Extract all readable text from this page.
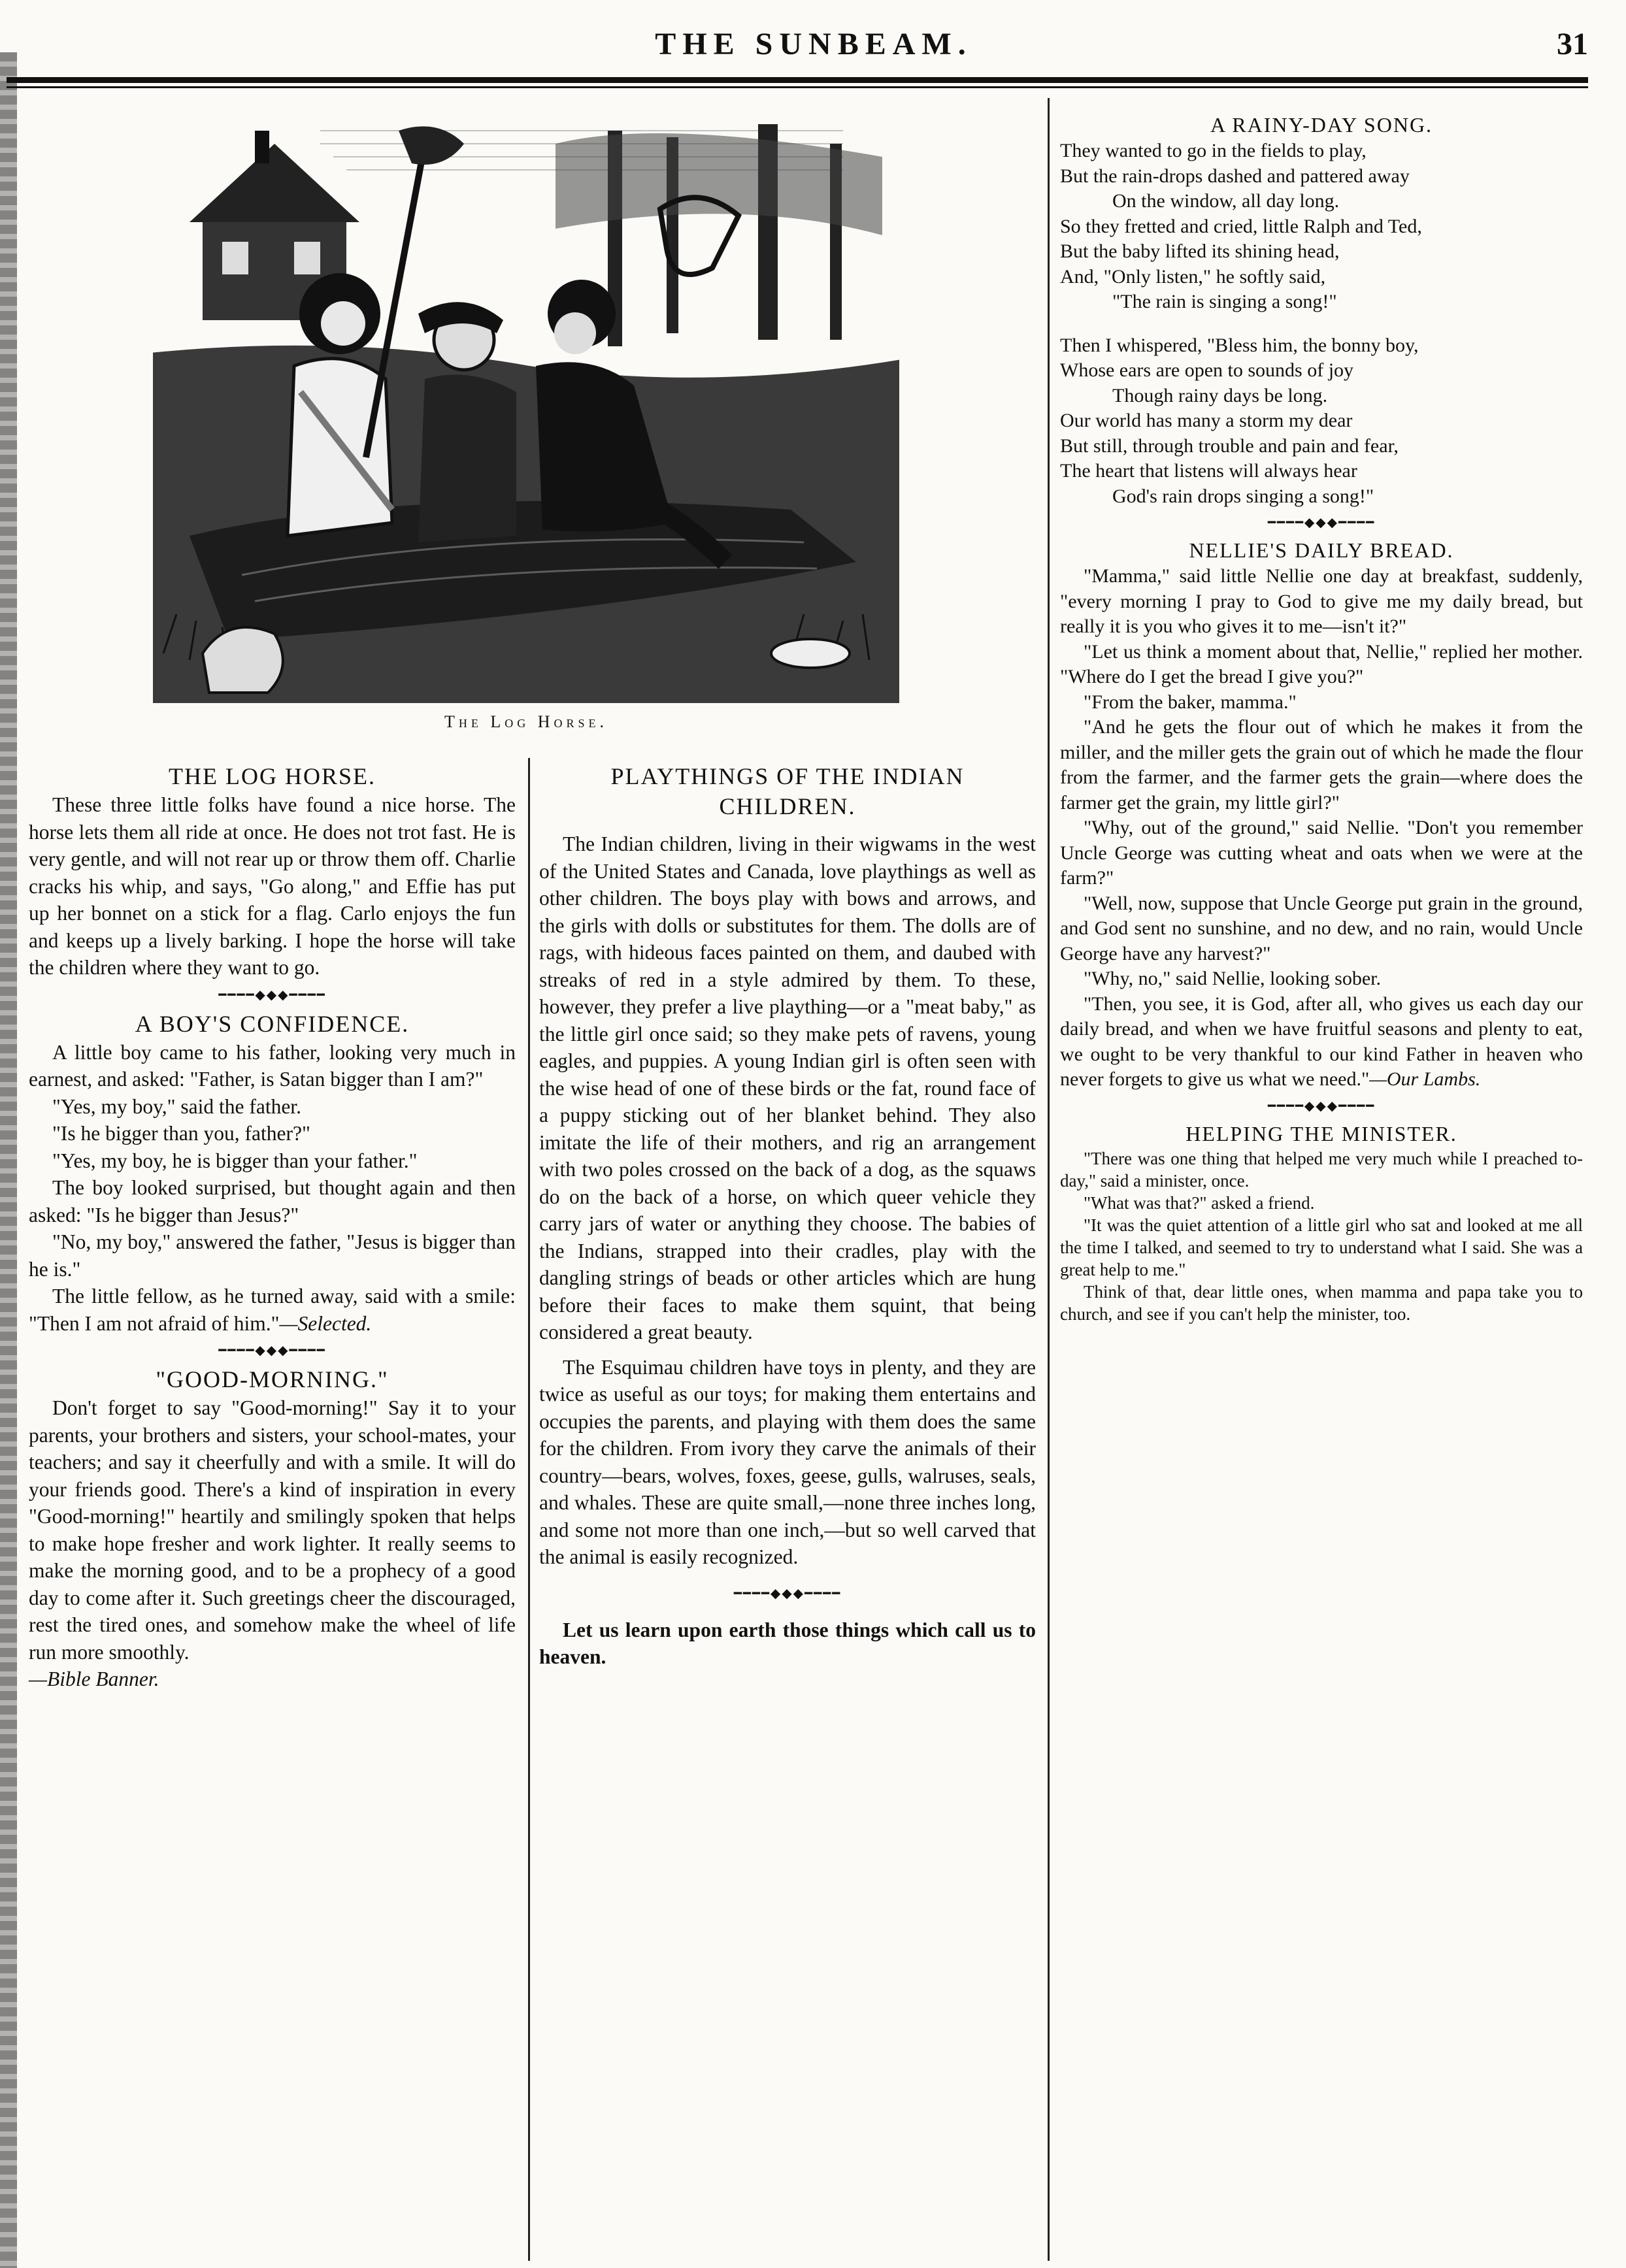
THE SUNBEAM.	31
The Log Horse.
THE LOG HORSE.

These three little folks have found a nice horse. The horse lets them all ride at once. He does not trot fast. He is very gentle, and will not rear up or throw them off. Charlie cracks his whip, and says, "Go along," and Effie has put up her bonnet on a stick for a flag. Carlo enjoys the fun and keeps up a lively barking. I hope the horse will take the children where they want to go.

━━━━◆◆◆━━━━
A BOY'S CONFIDENCE.

A little boy came to his father, looking very much in earnest, and asked: "Father, is Satan bigger than I am?"

"Yes, my boy," said the father.

"Is he bigger than you, father?"

"Yes, my boy, he is bigger than your father."

The boy looked surprised, but thought again and then asked: "Is he bigger than Jesus?"

"No, my boy," answered the father, "Jesus is bigger than he is."

The little fellow, as he turned away, said with a smile: "Then I am not afraid of him."—Selected.

━━━━◆◆◆━━━━
"GOOD-MORNING."

Don't forget to say "Good-morning!" Say it to your parents, your brothers and sisters, your school-mates, your teachers; and say it cheerfully and with a smile. It will do your friends good. There's a kind of inspiration in every "Good-morning!" heartily and smilingly spoken that helps to make hope fresher and work lighter. It really seems to make the morning good, and to be a prophecy of a good day to come after it. Such greetings cheer the discouraged, rest the tired ones, and somehow make the wheel of life run more smoothly.

—Bible Banner.

PLAYTHINGS OF THE INDIAN CHILDREN.

The Indian children, living in their wigwams in the west of the United States and Canada, love playthings as well as other children. The boys play with bows and arrows, and the girls with dolls or substitutes for them. The dolls are of rags, with hideous faces painted on them, and daubed with streaks of red in a style admired by them. To these, however, they prefer a live plaything—or a "meat baby," as the little girl once said; so they make pets of ravens, young eagles, and puppies. A young Indian girl is often seen with the wise head of one of these birds or the fat, round face of a puppy sticking out of her blanket behind. They also imitate the life of their mothers, and rig an arrangement with two poles crossed on the back of a dog, as the squaws do on the back of a horse, on which queer vehicle they carry jars of water or anything they choose. The babies of the Indians, strapped into their cradles, play with the dangling strings of beads or other articles which are hung before their faces to make them squint, that being considered a great beauty.

The Esquimau children have toys in plenty, and they are twice as useful as our toys; for making them entertains and occupies the parents, and playing with them does the same for the children. From ivory they carve the animals of their country—bears, wolves, foxes, geese, gulls, walruses, seals, and whales. These are quite small,—none three inches long, and some not more than one inch,—but so well carved that the animal is easily recognized.

━━━━◆◆◆━━━━

Let us learn upon earth those things which call us to heaven.

A RAINY-DAY SONG.
They wanted to go in the fields to play,
But the rain-drops dashed and pattered away
On the window, all day long.
So they fretted and cried, little Ralph and Ted,
But the baby lifted its shining head,
And, "Only listen," he softly said,
"The rain is singing a song!"
Then I whispered, "Bless him, the bonny boy,
Whose ears are open to sounds of joy
Though rainy days be long.
Our world has many a storm my dear
But still, through trouble and pain and fear,
The heart that listens will always hear
God's rain drops singing a song!"
━━━━◆◆◆━━━━
NELLIE'S DAILY BREAD.

"Mamma," said little Nellie one day at breakfast, suddenly, "every morning I pray to God to give me my daily bread, but really it is you who gives it to me—isn't it?"

"Let us think a moment about that, Nellie," replied her mother. "Where do I get the bread I give you?"

"From the baker, mamma."

"And he gets the flour out of which he makes it from the miller, and the miller gets the grain out of which he made the flour from the farmer, and the farmer gets the grain—where does the farmer get the grain, my little girl?"

"Why, out of the ground," said Nellie. "Don't you remember Uncle George was cutting wheat and oats when we were at the farm?"

"Well, now, suppose that Uncle George put grain in the ground, and God sent no sunshine, and no dew, and no rain, would Uncle George have any harvest?"

"Why, no," said Nellie, looking sober.

"Then, you see, it is God, after all, who gives us each day our daily bread, and when we have fruitful seasons and plenty to eat, we ought to be very thankful to our kind Father in heaven who never forgets to give us what we need."—Our Lambs.

━━━━◆◆◆━━━━
HELPING THE MINISTER.

"There was one thing that helped me very much while I preached to-day," said a minister, once.

"What was that?" asked a friend.

"It was the quiet attention of a little girl who sat and looked at me all the time I talked, and seemed to try to understand what I said. She was a great help to me."

Think of that, dear little ones, when mamma and papa take you to church, and see if you can't help the minister, too.
